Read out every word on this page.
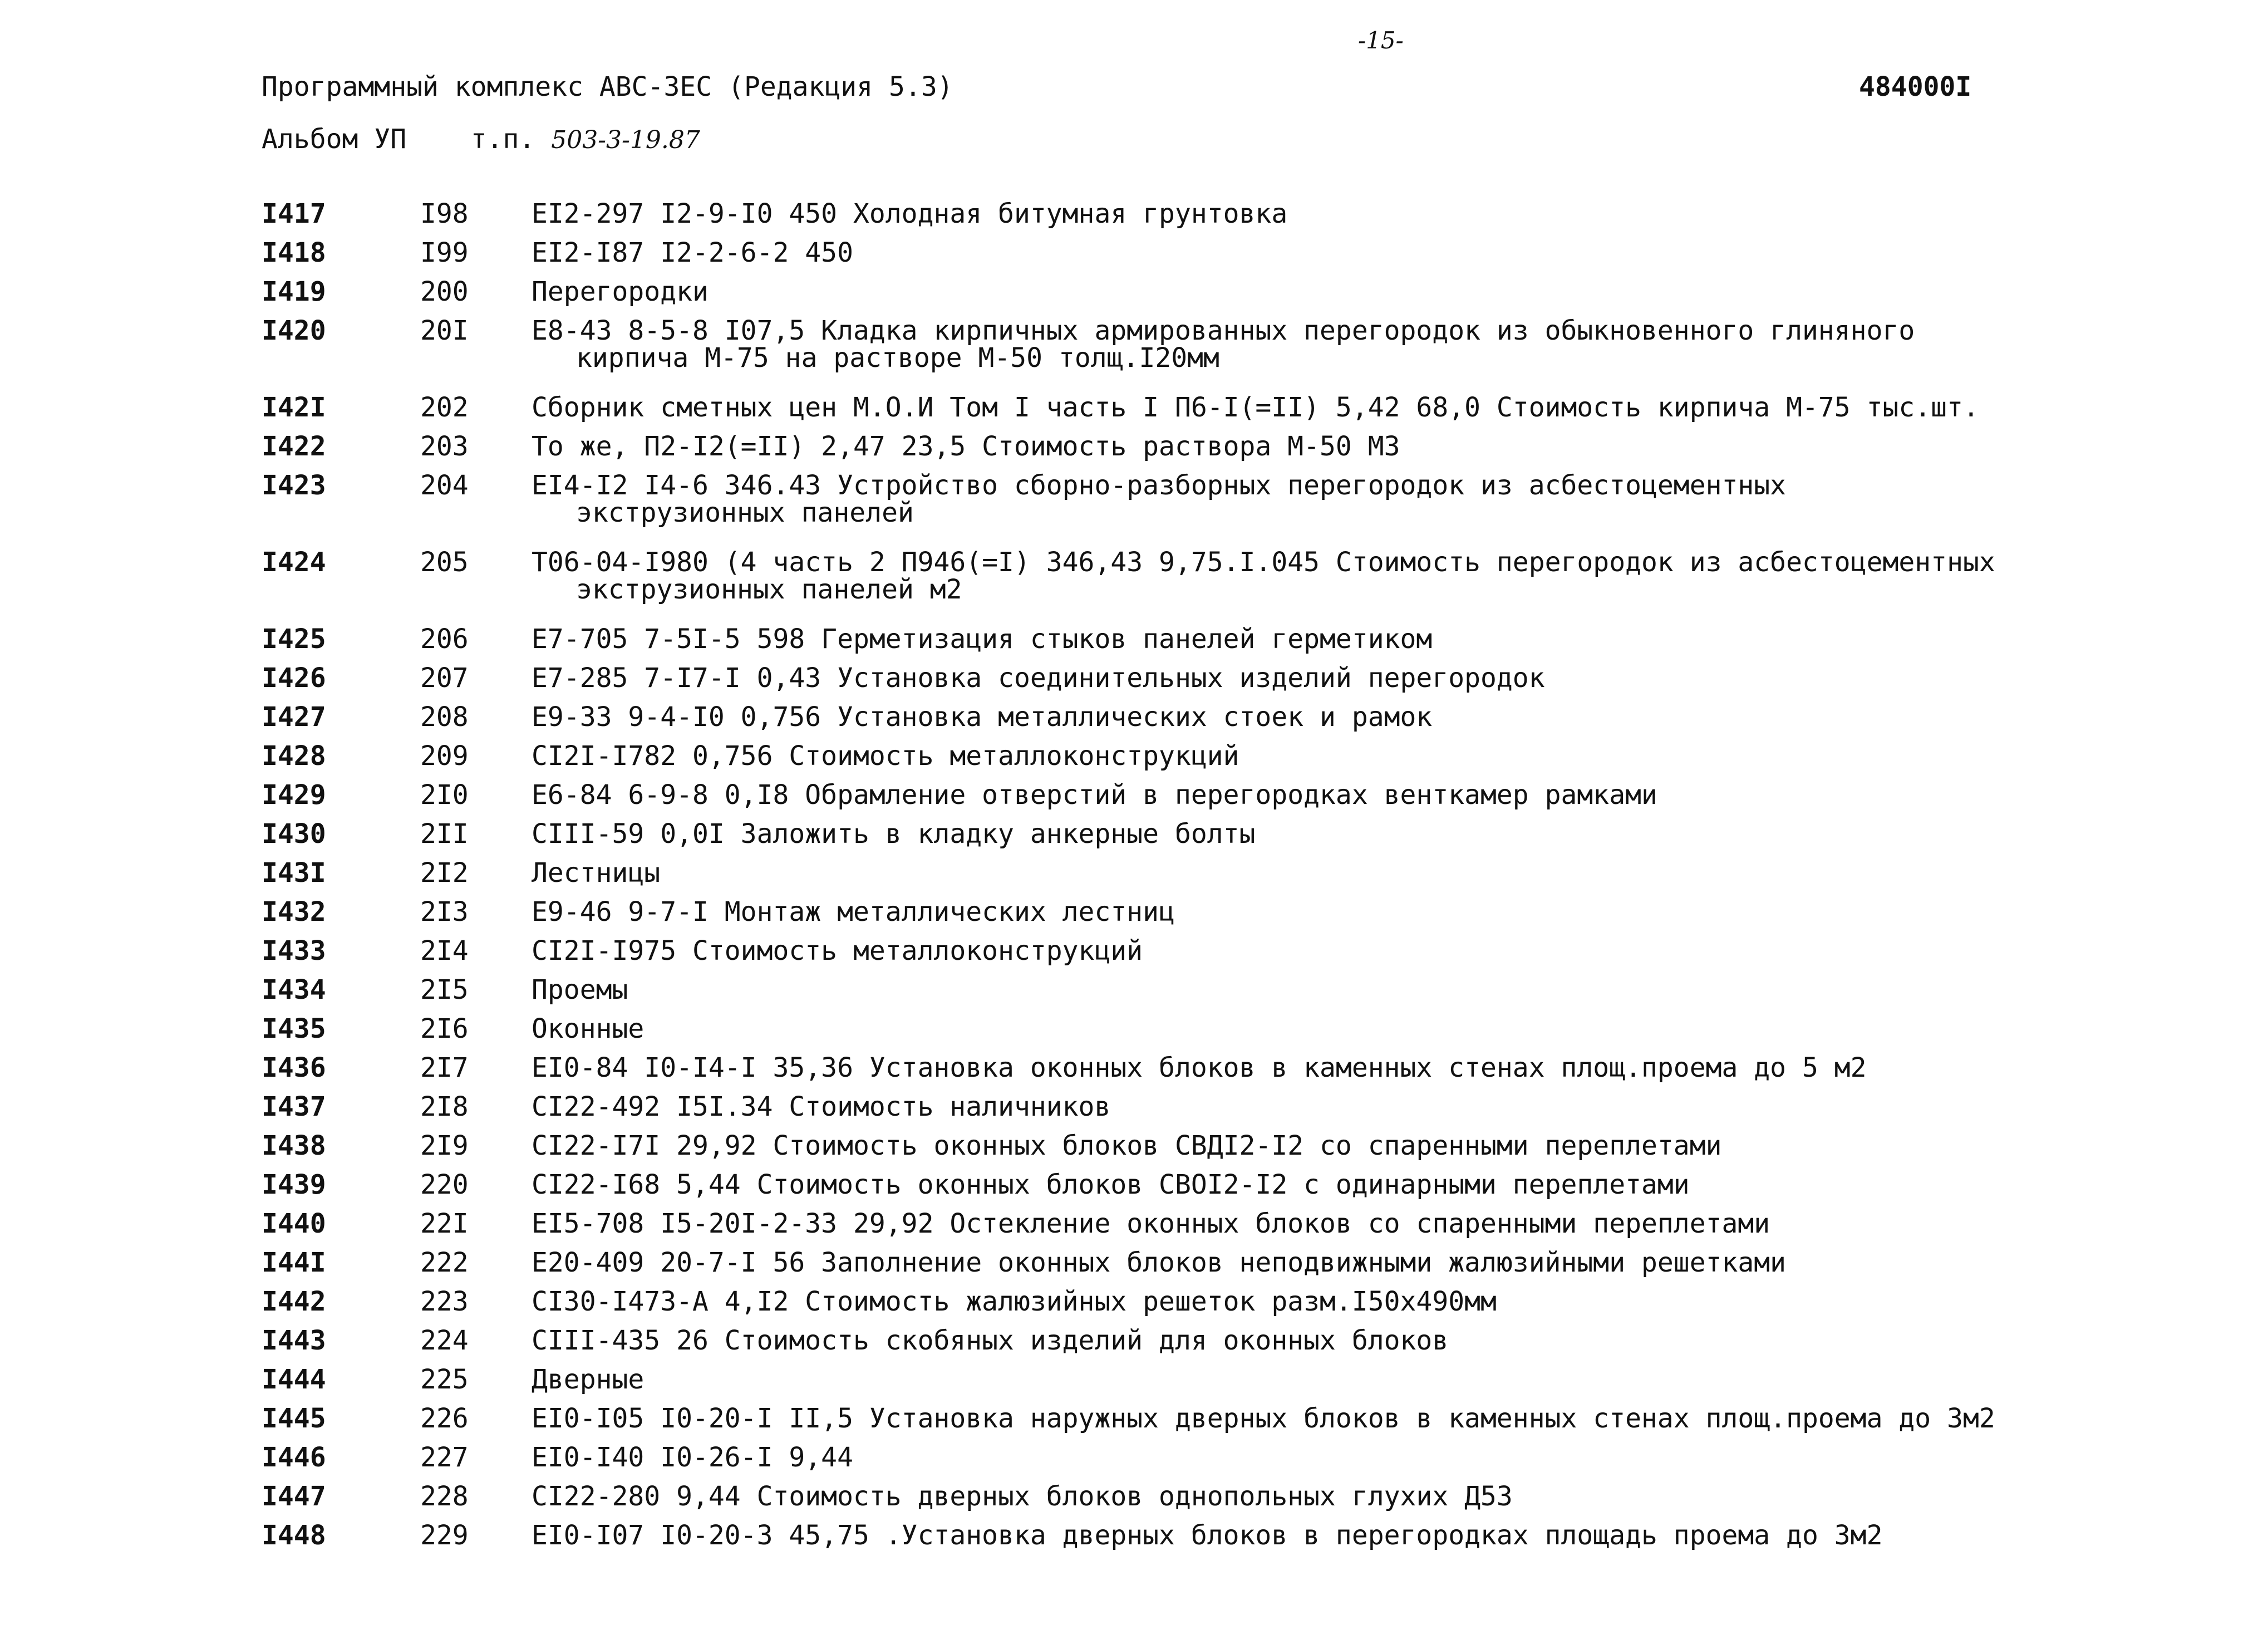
-15-
Программный комплекс АВС-3ЕС (Редакция 5.3)
Альбом УП т.п. 503-3-19.87
484000I
I417	I98 EI2-297 I2-9-I0 450 Холодная битумная грунтовка
I418	I99 EI2-I87 I2-2-6-2 450
I419	200 Перегородки
I420	20I E8-43 8-5-8 I07,5 Кладка кирпичных армированных перегородок из обыкновенного глиняного
кирпича М-75 на растворе М-50 толщ.I20мм
I42I	202 Сборник сметных цен М.О.И Том I часть I П6-I(=II) 5,42 68,0 Стоимость кирпича М-75 тыс.шт.
I422	203 То же, П2-I2(=II) 2,47 23,5 Стоимость раствора М-50 М3
I423	204 EI4-I2 I4-6 346.43 Устройство сборно-разборных перегородок из асбестоцементных
экструзионных панелей
I424	205 Т06-04-I980 (4 часть 2 П946(=I) 346,43 9,75.I.045 Стоимость перегородок из асбестоцементных
экструзионных панелей м2
I425	206 E7-705 7-5I-5 598 Герметизация стыков панелей герметиком
I426	207 E7-285 7-I7-I 0,43 Установка соединительных изделий перегородок
I427	208 E9-33 9-4-I0 0,756 Установка металлических стоек и рамок
I428	209 CI2I-I782 0,756 Стоимость металлоконструкций
I429	2I0 E6-84 6-9-8 0,I8 Обрамление отверстий в перегородках венткамер рамками
I430	2II CIII-59 0,0I Заложить в кладку анкерные болты
I43I	2I2 Лестницы
I432	2I3 E9-46 9-7-I Монтаж металлических лестниц
I433	2I4 CI2I-I975 Стоимость металлоконструкций
I434	2I5 Проемы
I435	2I6 Оконные
I436	2I7 EI0-84 I0-I4-I 35,36 Установка оконных блоков в каменных стенах площ.проема до 5 м2
I437	2I8 CI22-492 I5I.34 Стоимость наличников
I438	2I9 CI22-I7I 29,92 Стоимость оконных блоков СВДI2-I2 со спаренными переплетами
I439	220 CI22-I68 5,44 Стоимость оконных блоков СВОI2-I2 с одинарными переплетами
I440	22I EI5-708 I5-20I-2-33 29,92 Остекление оконных блоков со спаренными переплетами
I44I	222 E20-409 20-7-I 56 Заполнение оконных блоков неподвижными жалюзийными решетками
I442	223 CI30-I473-А 4,I2 Стоимость жалюзийных решеток разм.I50x490мм
I443	224 CIII-435 26 Стоимость скобяных изделий для оконных блоков
I444	225 Дверные
I445	226 EI0-I05 I0-20-I II,5 Установка наружных дверных блоков в каменных стенах площ.проема до 3м2
I446	227 EI0-I40 I0-26-I 9,44
I447	228 CI22-280 9,44 Стоимость дверных блоков однопольных глухих Д53
I448	229 EI0-I07 I0-20-3 45,75 .Установка дверных блоков в перегородках площадь проема до 3м2
